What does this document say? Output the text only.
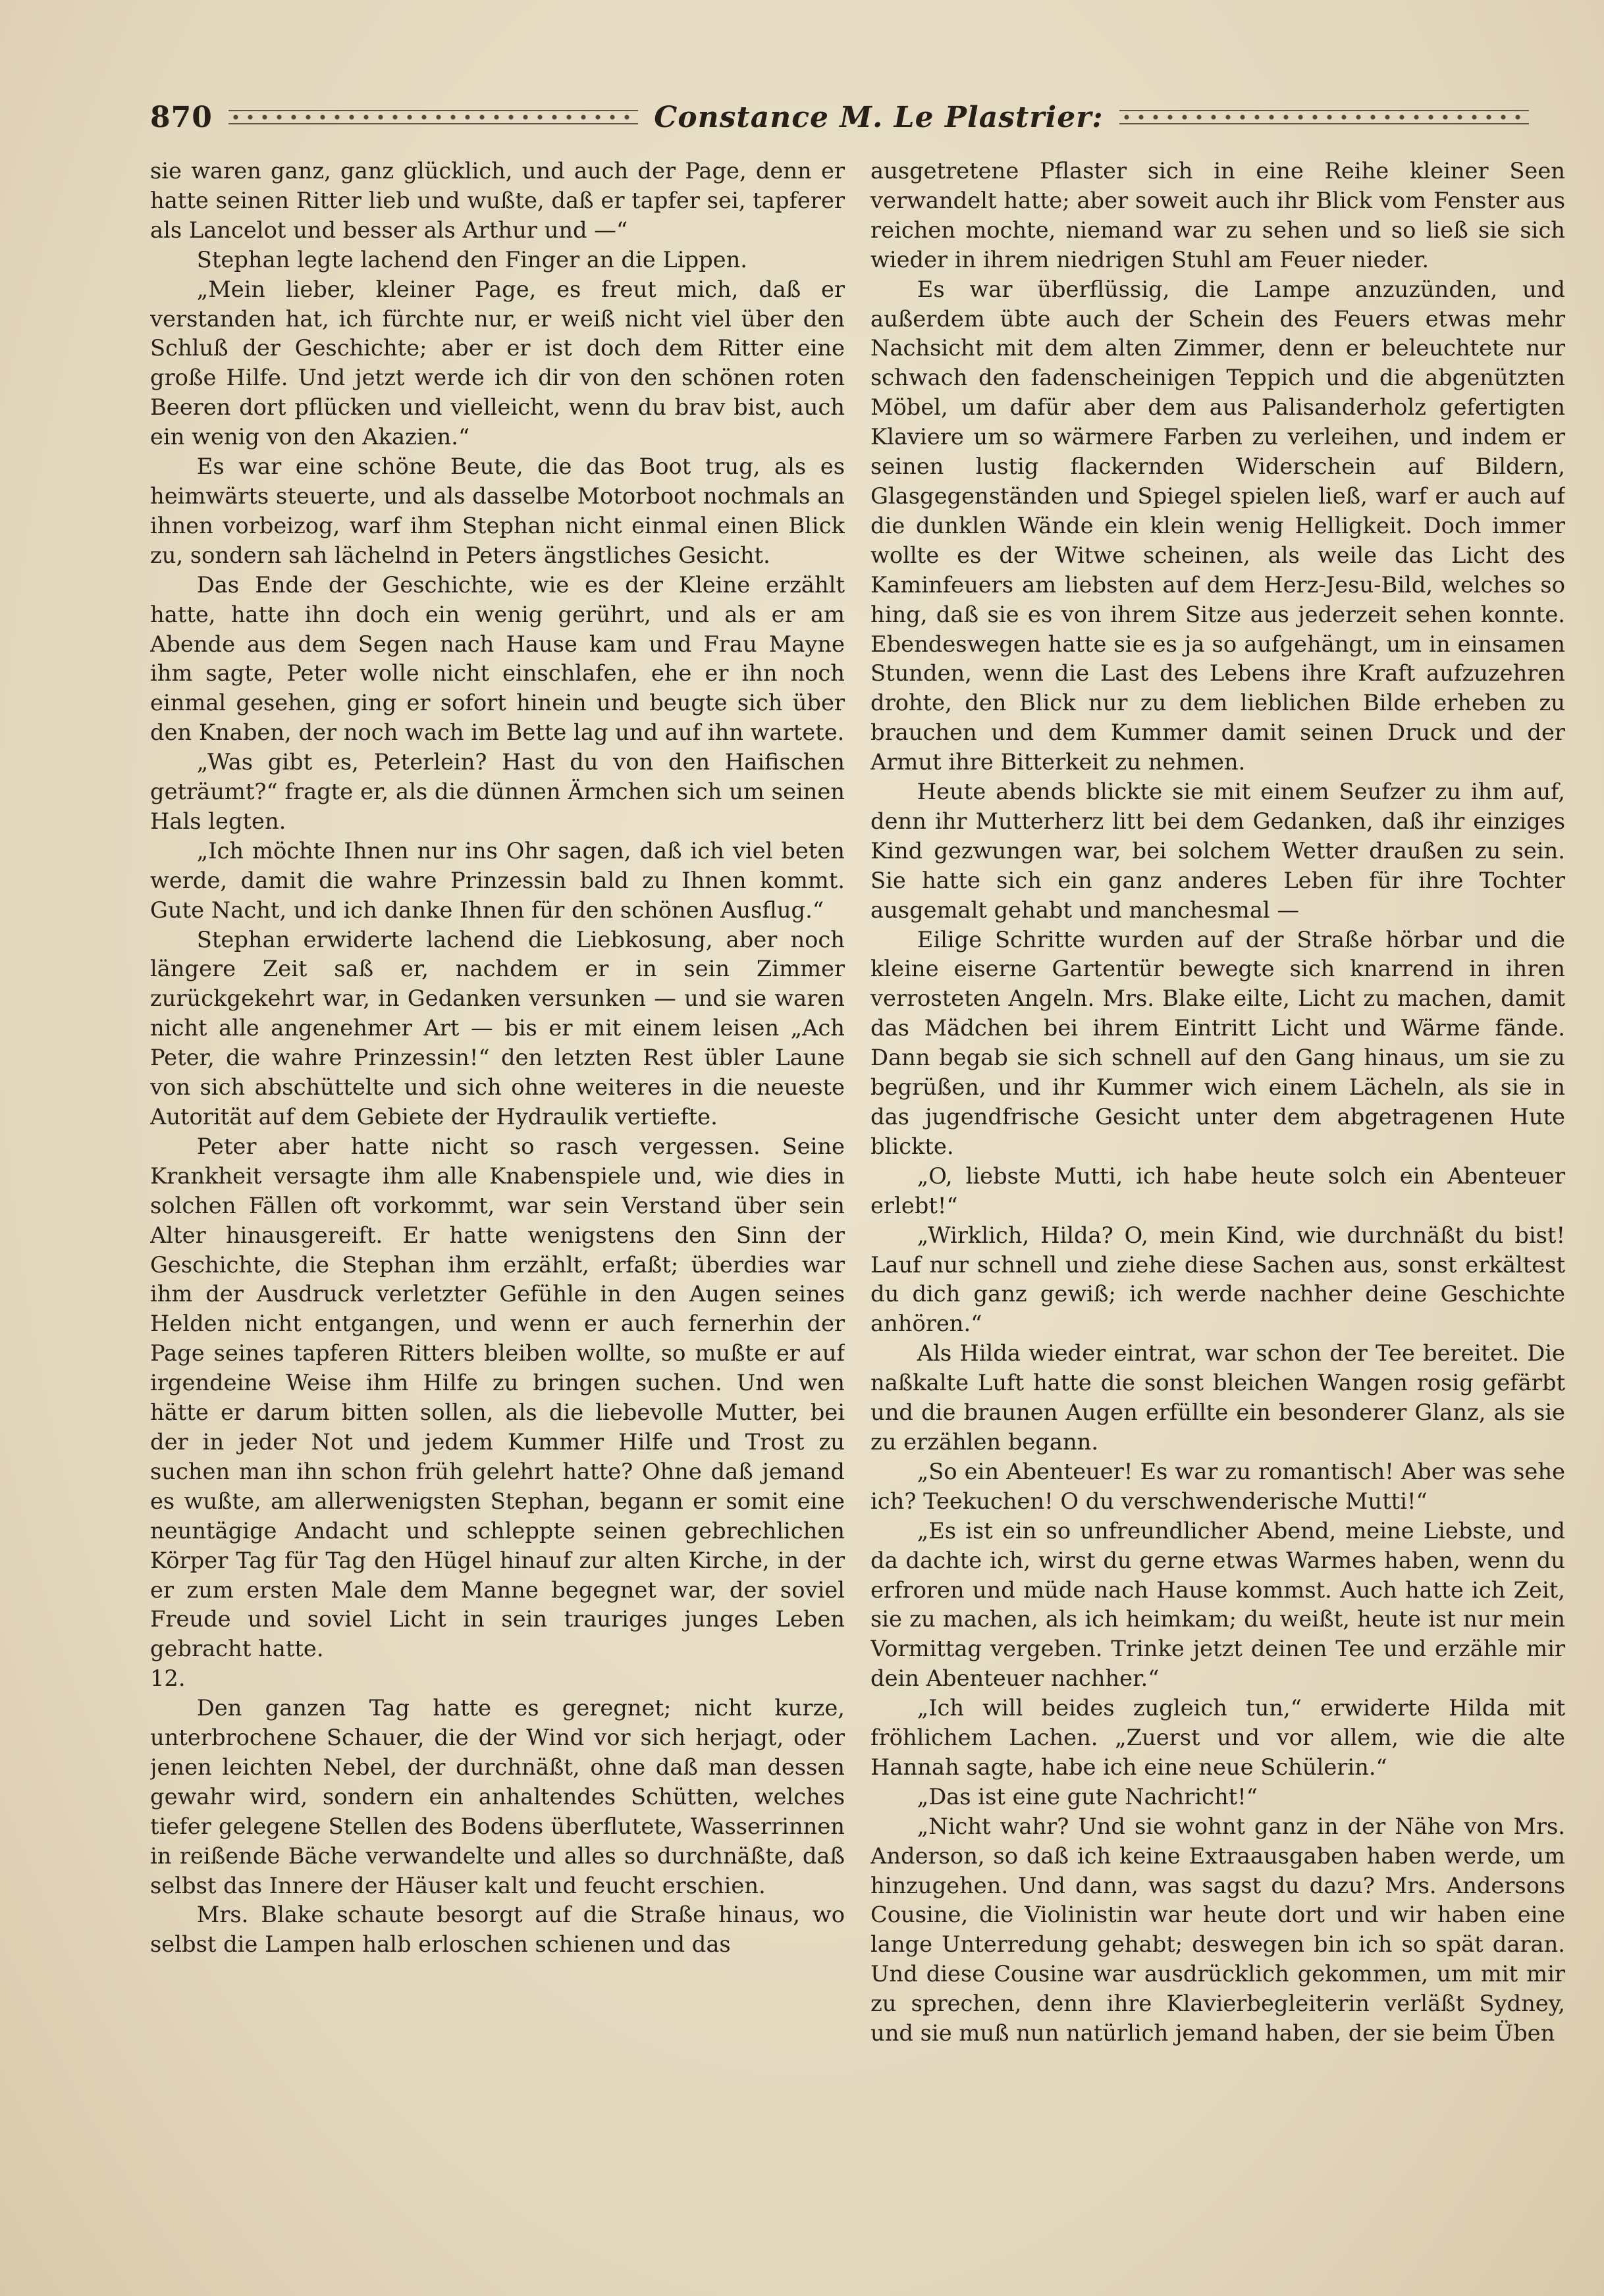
870	Constance M. Le Plastrier:

sie waren ganz, ganz glücklich, und auch der Page, denn er hatte seinen Ritter lieb und wußte, daß er tapfer sei, tapferer als Lancelot und besser als Arthur und —“

Stephan legte lachend den Finger an die Lippen.

„Mein lieber, kleiner Page, es freut mich, daß er verstanden hat, ich fürchte nur, er weiß nicht viel über den Schluß der Geschichte; aber er ist doch dem Ritter eine große Hilfe. Und jetzt werde ich dir von den schönen roten Beeren dort pflücken und vielleicht, wenn du brav bist, auch ein wenig von den Akazien.“

Es war eine schöne Beute, die das Boot trug, als es heimwärts steuerte, und als dasselbe Motorboot nochmals an ihnen vorbeizog, warf ihm Stephan nicht einmal einen Blick zu, sondern sah lächelnd in Peters ängstliches Gesicht.

Das Ende der Geschichte, wie es der Kleine erzählt hatte, hatte ihn doch ein wenig gerührt, und als er am Abende aus dem Segen nach Hause kam und Frau Mayne ihm sagte, Peter wolle nicht einschlafen, ehe er ihn noch einmal gesehen, ging er sofort hinein und beugte sich über den Knaben, der noch wach im Bette lag und auf ihn wartete.

„Was gibt es, Peterlein? Hast du von den Haifischen geträumt?“ fragte er, als die dünnen Ärmchen sich um seinen Hals legten.

„Ich möchte Ihnen nur ins Ohr sagen, daß ich viel beten werde, damit die wahre Prinzessin bald zu Ihnen kommt. Gute Nacht, und ich danke Ihnen für den schönen Ausflug.“

Stephan erwiderte lachend die Liebkosung, aber noch längere Zeit saß er, nachdem er in sein Zimmer zurückgekehrt war, in Gedanken versunken — und sie waren nicht alle angenehmer Art — bis er mit einem leisen „Ach Peter, die wahre Prinzessin!“ den letzten Rest übler Laune von sich abschüttelte und sich ohne weiteres in die neueste Autorität auf dem Gebiete der Hydraulik vertiefte.

Peter aber hatte nicht so rasch vergessen. Seine Krankheit versagte ihm alle Knabenspiele und, wie dies in solchen Fällen oft vorkommt, war sein Verstand über sein Alter hinausgereift. Er hatte wenigstens den Sinn der Geschichte, die Stephan ihm erzählt, erfaßt; überdies war ihm der Ausdruck verletzter Gefühle in den Augen seines Helden nicht entgangen, und wenn er auch fernerhin der Page seines tapferen Ritters bleiben wollte, so mußte er auf irgendeine Weise ihm Hilfe zu bringen suchen. Und wen hätte er darum bitten sollen, als die liebevolle Mutter, bei der in jeder Not und jedem Kummer Hilfe und Trost zu suchen man ihn schon früh gelehrt hatte? Ohne daß jemand es wußte, am allerwenigsten Stephan, begann er somit eine neuntägige Andacht und schleppte seinen gebrechlichen Körper Tag für Tag den Hügel hinauf zur alten Kirche, in der er zum ersten Male dem Manne begegnet war, der soviel Freude und soviel Licht in sein trauriges junges Leben gebracht hatte.

12.

Den ganzen Tag hatte es geregnet; nicht kurze, unterbrochene Schauer, die der Wind vor sich herjagt, oder jenen leichten Nebel, der durchnäßt, ohne daß man dessen gewahr wird, sondern ein anhaltendes Schütten, welches tiefer gelegene Stellen des Bodens überflutete, Wasserrinnen in reißende Bäche verwandelte und alles so durchnäßte, daß selbst das Innere der Häuser kalt und feucht erschien.

Mrs. Blake schaute besorgt auf die Straße hinaus, wo selbst die Lampen halb erloschen schienen und das

ausgetretene Pflaster sich in eine Reihe kleiner Seen verwandelt hatte; aber soweit auch ihr Blick vom Fenster aus reichen mochte, niemand war zu sehen und so ließ sie sich wieder in ihrem niedrigen Stuhl am Feuer nieder.

Es war überflüssig, die Lampe anzuzünden, und außerdem übte auch der Schein des Feuers etwas mehr Nachsicht mit dem alten Zimmer, denn er beleuchtete nur schwach den fadenscheinigen Teppich und die abgenützten Möbel, um dafür aber dem aus Palisanderholz gefertigten Klaviere um so wärmere Farben zu verleihen, und indem er seinen lustig flackernden Widerschein auf Bildern, Glasgegenständen und Spiegel spielen ließ, warf er auch auf die dunklen Wände ein klein wenig Helligkeit. Doch immer wollte es der Witwe scheinen, als weile das Licht des Kaminfeuers am liebsten auf dem Herz-Jesu-Bild, welches so hing, daß sie es von ihrem Sitze aus jederzeit sehen konnte. Ebendeswegen hatte sie es ja so aufgehängt, um in einsamen Stunden, wenn die Last des Lebens ihre Kraft aufzuzehren drohte, den Blick nur zu dem lieblichen Bilde erheben zu brauchen und dem Kummer damit seinen Druck und der Armut ihre Bitterkeit zu nehmen.

Heute abends blickte sie mit einem Seufzer zu ihm auf, denn ihr Mutterherz litt bei dem Gedanken, daß ihr einziges Kind gezwungen war, bei solchem Wetter draußen zu sein. Sie hatte sich ein ganz anderes Leben für ihre Tochter ausgemalt gehabt und manchesmal —

Eilige Schritte wurden auf der Straße hörbar und die kleine eiserne Gartentür bewegte sich knarrend in ihren verrosteten Angeln. Mrs. Blake eilte, Licht zu machen, damit das Mädchen bei ihrem Eintritt Licht und Wärme fände. Dann begab sie sich schnell auf den Gang hinaus, um sie zu begrüßen, und ihr Kummer wich einem Lächeln, als sie in das jugendfrische Gesicht unter dem abgetragenen Hute blickte.

„O, liebste Mutti, ich habe heute solch ein Abenteuer erlebt!“

„Wirklich, Hilda? O, mein Kind, wie durchnäßt du bist! Lauf nur schnell und ziehe diese Sachen aus, sonst erkältest du dich ganz gewiß; ich werde nachher deine Geschichte anhören.“

Als Hilda wieder eintrat, war schon der Tee bereitet. Die naßkalte Luft hatte die sonst bleichen Wangen rosig gefärbt und die braunen Augen erfüllte ein besonderer Glanz, als sie zu erzählen begann.

„So ein Abenteuer! Es war zu romantisch! Aber was sehe ich? Teekuchen! O du verschwenderische Mutti!“

„Es ist ein so unfreundlicher Abend, meine Liebste, und da dachte ich, wirst du gerne etwas Warmes haben, wenn du erfroren und müde nach Hause kommst. Auch hatte ich Zeit, sie zu machen, als ich heimkam; du weißt, heute ist nur mein Vormittag vergeben. Trinke jetzt deinen Tee und erzähle mir dein Abenteuer nachher.“

„Ich will beides zugleich tun,“ erwiderte Hilda mit fröhlichem Lachen. „Zuerst und vor allem, wie die alte Hannah sagte, habe ich eine neue Schülerin.“

„Das ist eine gute Nachricht!“

„Nicht wahr? Und sie wohnt ganz in der Nähe von Mrs. Anderson, so daß ich keine Extraausgaben haben werde, um hinzugehen. Und dann, was sagst du dazu? Mrs. Andersons Cousine, die Violinistin war heute dort und wir haben eine lange Unterredung gehabt; deswegen bin ich so spät daran. Und diese Cousine war ausdrücklich gekommen, um mit mir zu sprechen, denn ihre Klavierbegleiterin verläßt Sydney, und sie muß nun natürlich jemand haben, der sie beim Üben
